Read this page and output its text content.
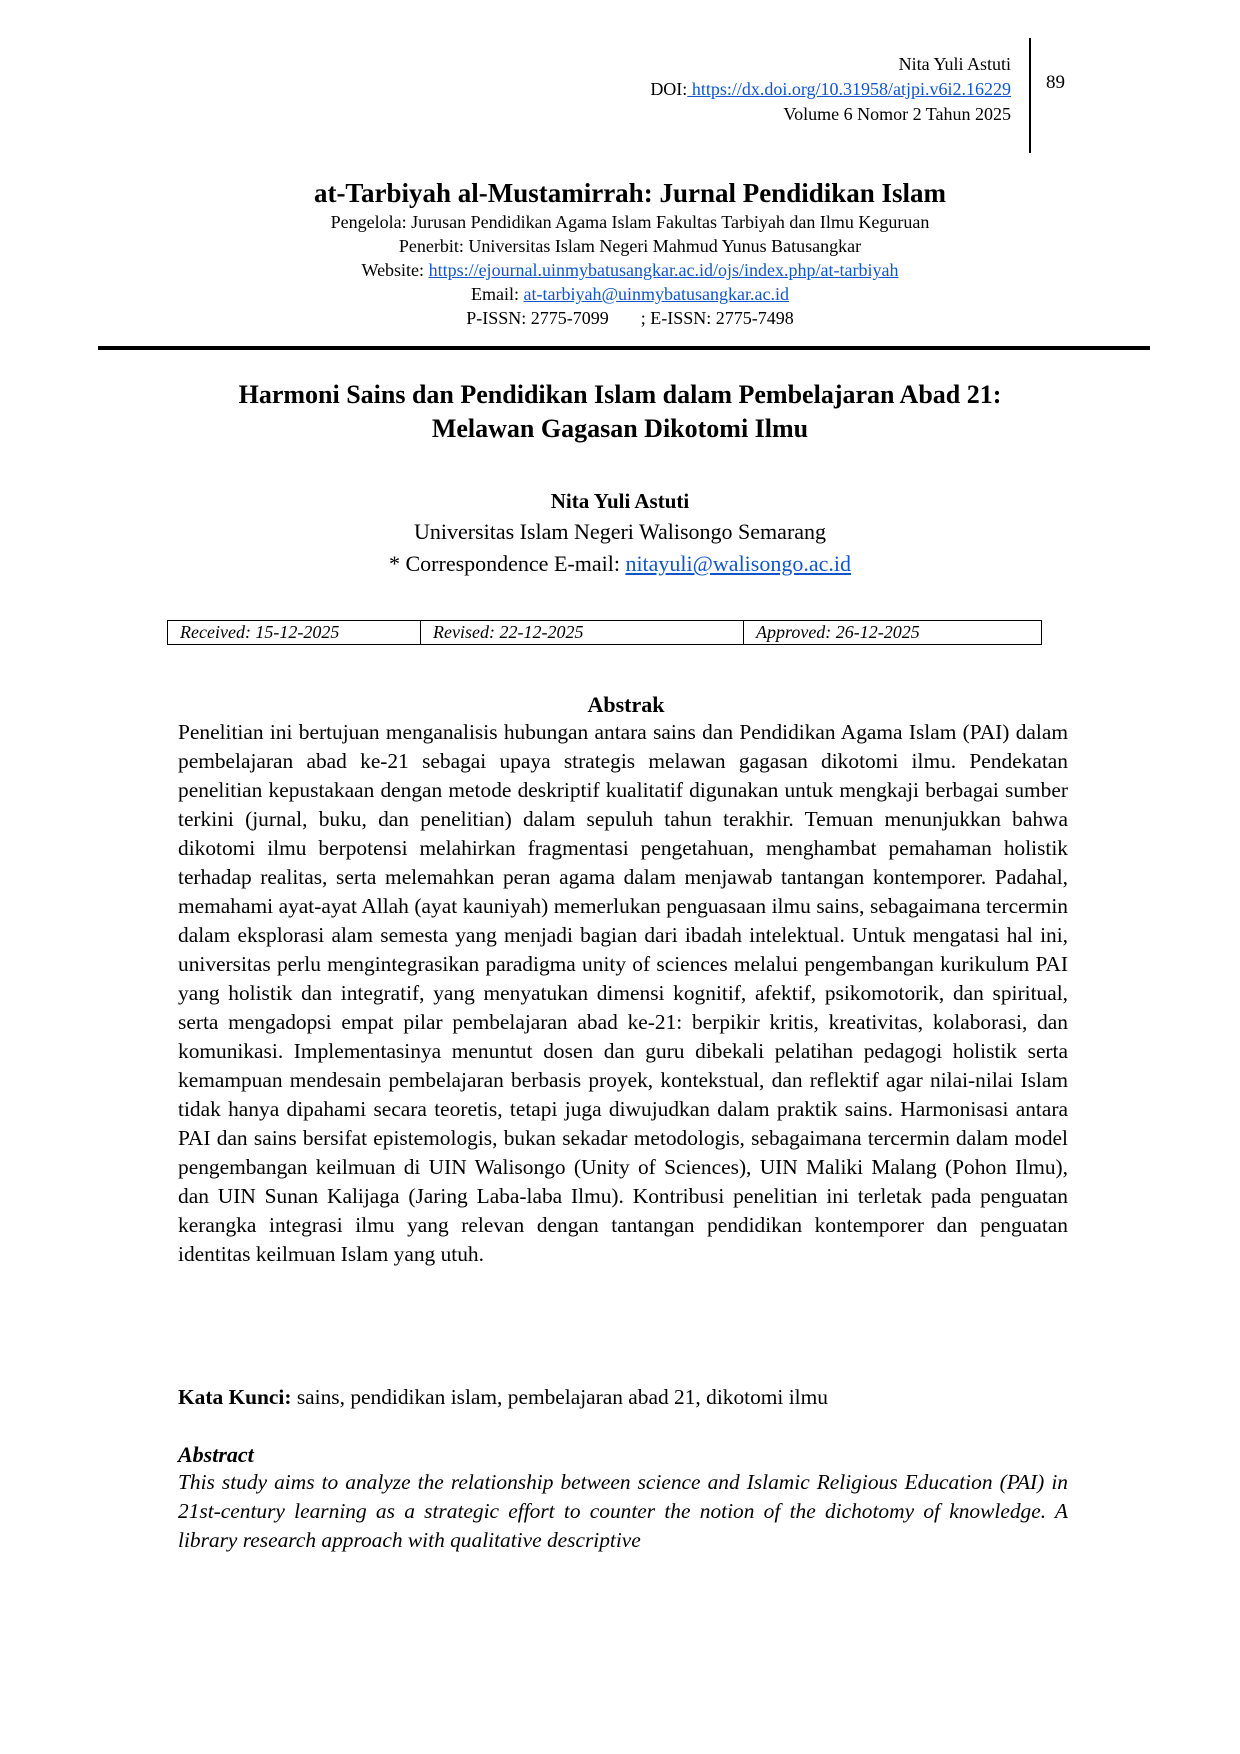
Nita Yuli Astuti
DOI: https://dx.doi.org/10.31958/atjpi.v6i2.16229
Volume 6 Nomor 2 Tahun 2025
89
at-Tarbiyah al-Mustamirrah: Jurnal Pendidikan Islam
Pengelola: Jurusan Pendidikan Agama Islam Fakultas Tarbiyah dan Ilmu Keguruan
Penerbit: Universitas Islam Negeri Mahmud Yunus Batusangkar
Website: https://ejournal.uinmybatusangkar.ac.id/ojs/index.php/at-tarbiyah
Email: at-tarbiyah@uinmybatusangkar.ac.id
P-ISSN: 2775-7099 ; E-ISSN: 2775-7498
Harmoni Sains dan Pendidikan Islam dalam Pembelajaran Abad 21:
Melawan Gagasan Dikotomi Ilmu
Nita Yuli Astuti
Universitas Islam Negeri Walisongo Semarang
* Correspondence E-mail: nitayuli@walisongo.ac.id
Received: 15-12-2025	Revised: 22-12-2025	Approved: 26-12-2025
Abstrak
Penelitian ini bertujuan menganalisis hubungan antara sains dan Pendidikan Agama Islam (PAI) dalam pembelajaran abad ke-21 sebagai upaya strategis melawan gagasan dikotomi ilmu. Pendekatan penelitian kepustakaan dengan metode deskriptif kualitatif digunakan untuk mengkaji berbagai sumber terkini (jurnal, buku, dan penelitian) dalam sepuluh tahun terakhir. Temuan menunjukkan bahwa dikotomi ilmu berpotensi melahirkan fragmentasi pengetahuan, menghambat pemahaman holistik terhadap realitas, serta melemahkan peran agama dalam menjawab tantangan kontemporer. Padahal, memahami ayat-ayat Allah (ayat kauniyah) memerlukan penguasaan ilmu sains, sebagaimana tercermin dalam eksplorasi alam semesta yang menjadi bagian dari ibadah intelektual. Untuk mengatasi hal ini, universitas perlu mengintegrasikan paradigma unity of sciences melalui pengembangan kurikulum PAI yang holistik dan integratif, yang menyatukan dimensi kognitif, afektif, psikomotorik, dan spiritual, serta mengadopsi empat pilar pembelajaran abad ke-21: berpikir kritis, kreativitas, kolaborasi, dan komunikasi. Implementasinya menuntut dosen dan guru dibekali pelatihan pedagogi holistik serta kemampuan mendesain pembelajaran berbasis proyek, kontekstual, dan reflektif agar nilai-nilai Islam tidak hanya dipahami secara teoretis, tetapi juga diwujudkan dalam praktik sains. Harmonisasi antara PAI dan sains bersifat epistemologis, bukan sekadar metodologis, sebagaimana tercermin dalam model pengembangan keilmuan di UIN Walisongo (Unity of Sciences), UIN Maliki Malang (Pohon Ilmu), dan UIN Sunan Kalijaga (Jaring Laba-laba Ilmu). Kontribusi penelitian ini terletak pada penguatan kerangka integrasi ilmu yang relevan dengan tantangan pendidikan kontemporer dan penguatan identitas keilmuan Islam yang utuh.
Kata Kunci: sains, pendidikan islam, pembelajaran abad 21, dikotomi ilmu
Abstract
This study aims to analyze the relationship between science and Islamic Religious Education (PAI) in 21st-century learning as a strategic effort to counter the notion of the dichotomy of knowledge. A library research approach with qualitative descriptive
